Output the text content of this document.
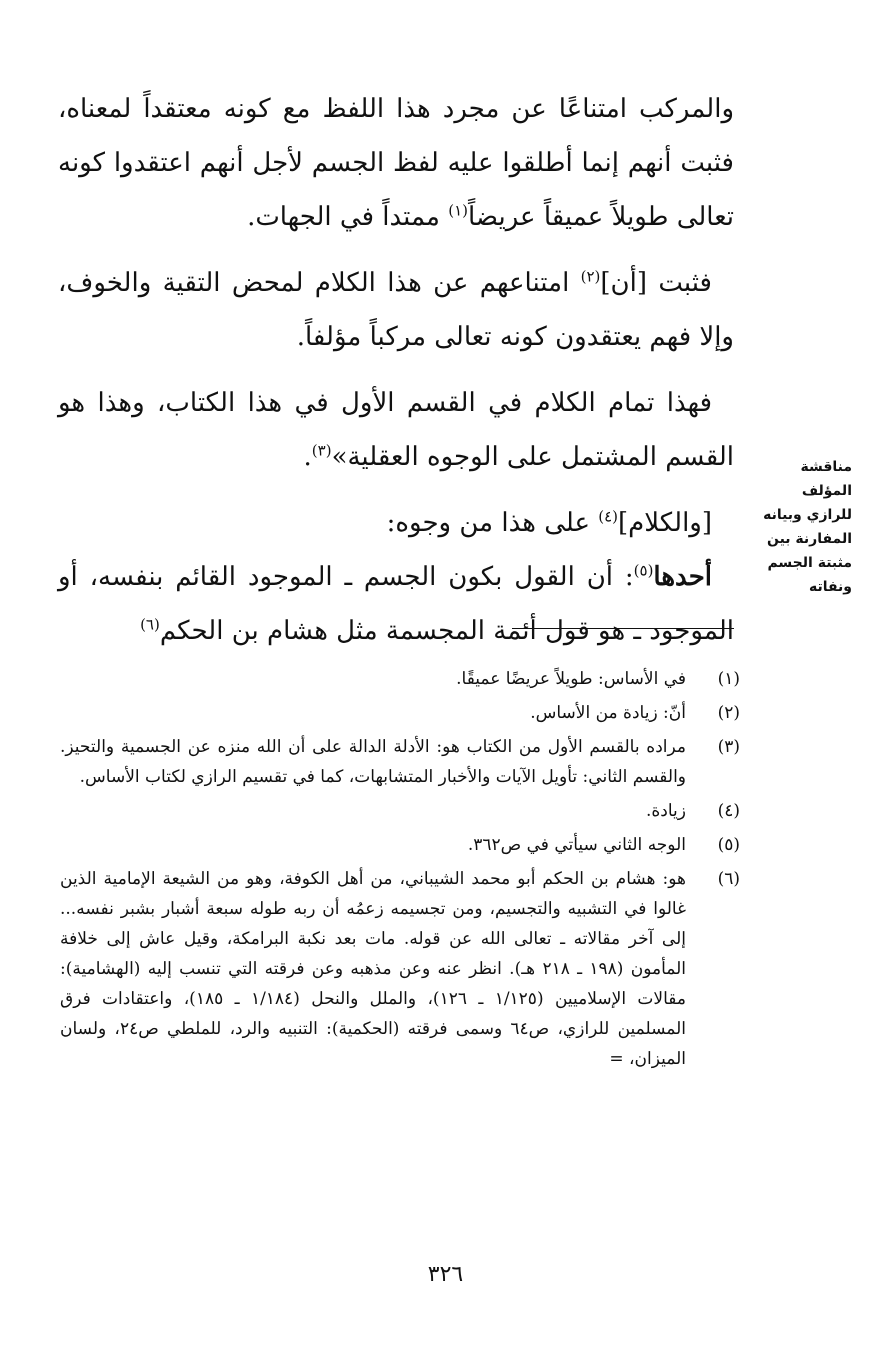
والمركب امتناعًا عن مجرد هذا اللفظ مع كونه معتقداً لمعناه، فثبت أنهم إنما أطلقوا عليه لفظ الجسم لأجل أنهم اعتقدوا كونه تعالى طويلاً عميقاً عريضاً$^{(١)}$ ممتداً في الجهات.

فثبت [أن]$^{(٢)}$ امتناعهم عن هذا الكلام لمحض التقية والخوف، وإلا فهم يعتقدون كونه تعالى مركباً مؤلفاً.

فهذا تمام الكلام في القسم الأول في هذا الكتاب، وهذا هو القسم المشتمل على الوجوه العقلية»$^{(٣)}$.

[والكلام]$^{(٤)}$ على هذا من وجوه:

أحدها$^{(٥)}$: أن القول بكون الجسم ـ الموجود القائم بنفسه، أو الموجود ـ هو قول أئمة المجسمة مثل هشام بن الحكم$^{(٦)}$

مناقشة
المؤلف
للرازي وبيانه
المفارنة بين
مثبتة الجسم
ونفاته
(١)
في الأساس: طويلاً عريضًا عميقًا.
(٢)
أنّ: زيادة من الأساس.
(٣)
مراده بالقسم الأول من الكتاب هو: الأدلة الدالة على أن الله منزه عن الجسمية والتحيز. والقسم الثاني: تأويل الآيات والأخبار المتشابهات، كما في تقسيم الرازي لكتاب الأساس.
(٤)
زيادة.
(٥)
الوجه الثاني سيأتي في ص٣٦٢.
(٦)
هو: هشام بن الحكم أبو محمد الشيباني، من أهل الكوفة، وهو من الشيعة الإمامية الذين غالوا في التشبيه والتجسيم، ومن تجسيمه زعمُه أن ربه طوله سبعة أشبار بشبر نفسه... إلى آخر مقالاته ـ تعالى الله عن قوله. مات بعد نكبة البرامكة، وقيل عاش إلى خلافة المأمون (١٩٨ ـ ٢١٨ هـ). انظر عنه وعن مذهبه وعن فرقته التي تنسب إليه (الهشامية): مقالات الإسلاميين (١/١٢٥ ـ ١٢٦)، والملل والنحل (١/١٨٤ ـ ١٨٥)، واعتقادات فرق المسلمين للرازي، ص٦٤ وسمى فرقته (الحكمية): التنبيه والرد، للملطي ص٢٤، ولسان الميزان، =
٣٢٦
